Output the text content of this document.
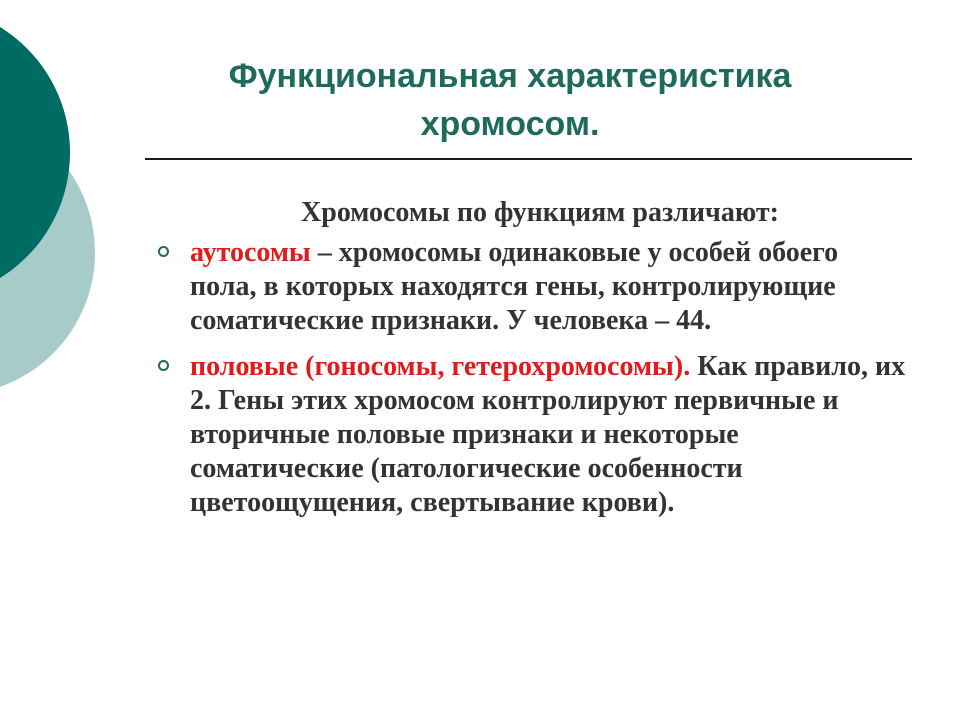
Функциональная характеристика хромосом.
Хромосомы по функциям различают:
аутосомы – хромосомы одинаковые у особей обоего пола, в которых находятся гены, контролирующие соматические признаки. У человека – 44.
половые (гоносомы, гетерохромосомы). Как правило, их 2. Гены этих хромосом контролируют первичные и вторичные половые признаки и некоторые соматические (патологические особенности цветоощущения, свертывание крови).
